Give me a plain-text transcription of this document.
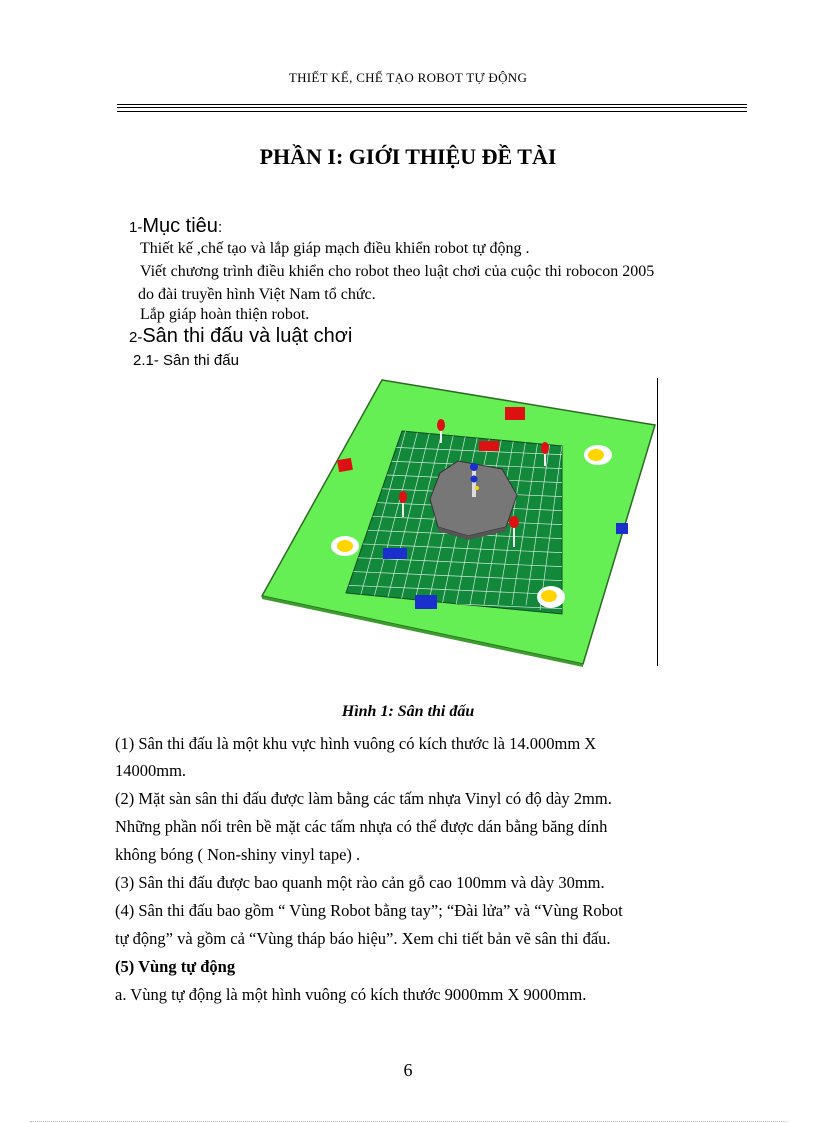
THIẾT KẾ, CHẾ TẠO ROBOT TỰ ĐỘNG
PHẦN I: GIỚI THIỆU ĐỀ TÀI
1-Mục tiêu:
Thiết kế ,chế tạo và lắp giáp mạch điều khiển robot tự động .
Viết chương trình điều khiển cho robot theo luật chơi của cuộc thi robocon 2005
do đài truyền hình Việt Nam tổ chức.
Lắp giáp hoàn thiện robot.
2-Sân thi đấu và luật chơi
2.1- Sân thi đấu
Hình 1: Sân thi đấu
(1) Sân thi đấu là một khu vực hình vuông có kích thước là 14.000mm X
14000mm.
(2) Mặt sàn sân thi đấu được làm bằng các tấm nhựa Vinyl có độ dày 2mm.
Những phần nối trên bề mặt các tấm nhựa có thể được dán bằng băng dính
không bóng ( Non-shiny vinyl tape) .
(3) Sân thi đấu được bao quanh một rào cản gỗ cao 100mm và dày 30mm.
(4) Sân thi đấu bao gồm “ Vùng Robot bằng tay”; “Đài lửa” và “Vùng Robot
tự động” và gồm cả “Vùng tháp báo hiệu”. Xem chi tiết bản vẽ sân thi đấu.
(5) Vùng tự động
a. Vùng tự động là một hình vuông có kích thước 9000mm X 9000mm.
6
